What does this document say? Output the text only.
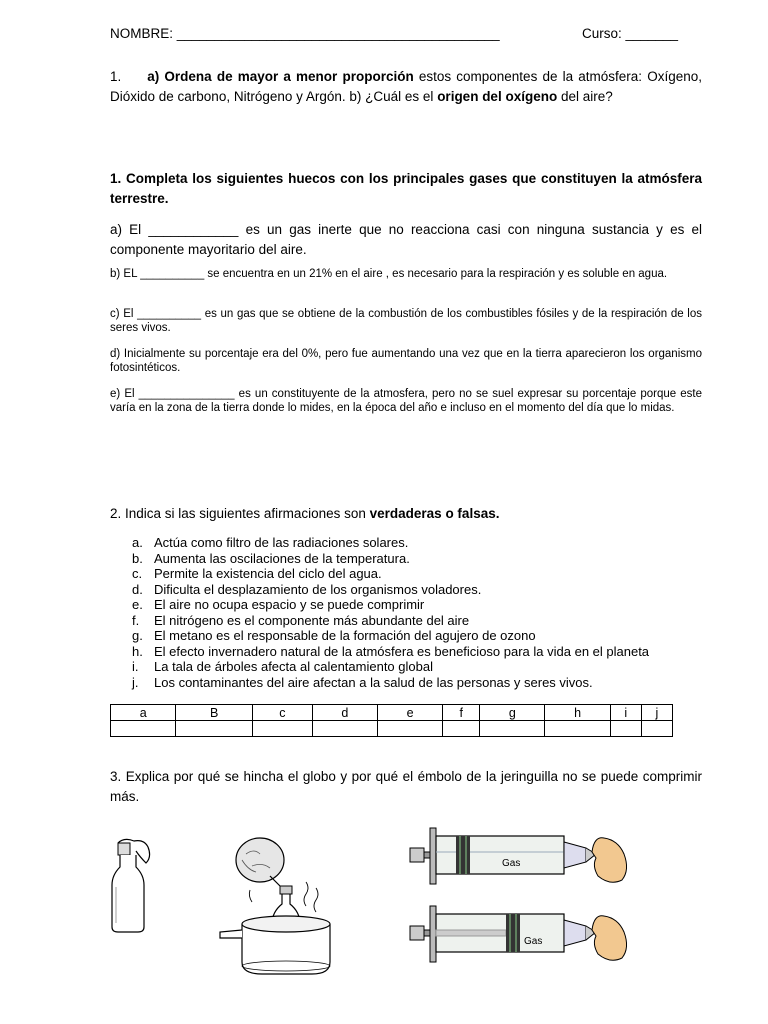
NOMBRE: ___________________________________________	Curso: _______
1. a) Ordena de mayor a menor proporción estos componentes de la atmósfera: Oxígeno, Dióxido de carbono, Nitrógeno y Argón. b) ¿Cuál es el origen del oxígeno del aire?
1. Completa los siguientes huecos con los principales gases que constituyen la atmósfera terrestre.
a) El ____________ es un gas inerte que no reacciona casi con ninguna sustancia y es el componente mayoritario del aire.
b) EL __________ se encuentra en un 21% en el aire , es necesario para la respiración y es soluble en agua.
c) El __________ es un gas que se obtiene de la combustión de los combustibles fósiles y de la respiración de los seres vivos.
d) Inicialmente su porcentaje era del 0%, pero fue aumentando una vez que en la tierra aparecieron los organismo fotosintéticos.
e) El _______________ es un constituyente de la atmosfera, pero no se suel expresar su porcentaje porque este varía en la zona de la tierra donde lo mides, en la época del año e incluso en el momento del día que lo midas.
2. Indica si las siguientes afirmaciones son verdaderas o falsas.
a. Actúa como filtro de las radiaciones solares.
b. Aumenta las oscilaciones de la temperatura.
c. Permite la existencia del ciclo del agua.
d. Dificulta el desplazamiento de los organismos voladores.
e. El aire no ocupa espacio y se puede comprimir
f. El nitrógeno es el componente más abundante del aire
g. El metano es el responsable de la formación del agujero de ozono
h. El efecto invernadero natural de la atmósfera es beneficioso para la vida en el planeta
i. La tala de árboles afecta al calentamiento global
j. Los contaminantes del aire afectan a la salud de las personas y seres vivos.
a	B	c	d	e	f	g	h	i	j

3. Explica por qué se hincha el globo y por qué el émbolo de la jeringuilla no se puede comprimir más.
Gas
Gas
